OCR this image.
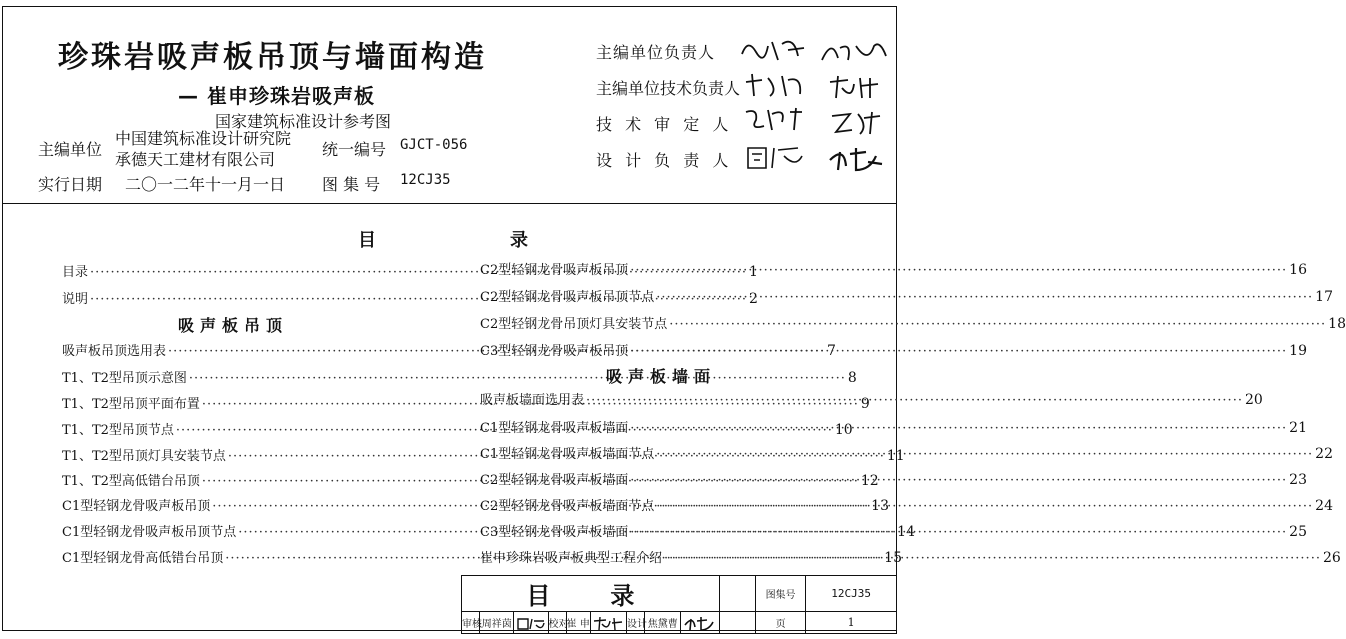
珍珠岩吸声板吊顶与墙面构造
— 崔申珍珠岩吸声板
国家建筑标准设计参考图
主编单位
中国建筑标准设计研究院
承德天工建材有限公司
统一编号 GJCT-056
实行日期 二〇一二年十一月一日 图 集 号 12CJ35
主编单位负责人
主编单位技术负责人
技 术 审 定 人
设 计 负 责 人
目	录
目录 ·····	1
说明 ·····	2
吸声板吊顶
吸声板吊顶选用表 ·····	7
T1、T2型吊顶示意图 ·····	8
T1、T2型吊顶平面布置 ·····	9
T1、T2型吊顶节点 ·····	10
T1、T2型吊顶灯具安装节点 ·····	11
T1、T2型高低错台吊顶 ·····	12
C1型轻钢龙骨吸声板吊顶 ·····	13
C1型轻钢龙骨吸声板吊顶节点 ·····	14
C1型轻钢龙骨高低错台吊顶 ·····	15
C2型轻钢龙骨吸声板吊顶 ·····	16
C2型轻钢龙骨吸声板吊顶节点 ·····	17
C2型轻钢龙骨吊顶灯具安装节点 ·····	18
C3型轻钢龙骨吸声板吊顶 ·····	19
吸声板墙面
吸声板墙面选用表 ·····	20
C1型轻钢龙骨吸声板墙面 ·····	21
C1型轻钢龙骨吸声板墙面节点 ·····	22
C2型轻钢龙骨吸声板墙面 ·····	23
C2型轻钢龙骨吸声板墙面节点 ·····	24
C3型轻钢龙骨吸声板墙面 ·····	25
崔申珍珠岩吸声板典型工程介绍 ·····	26
目录										图集号	12CJ35
审核	周祥茵		校对	崔 申		设计	焦黛曹			页	1
